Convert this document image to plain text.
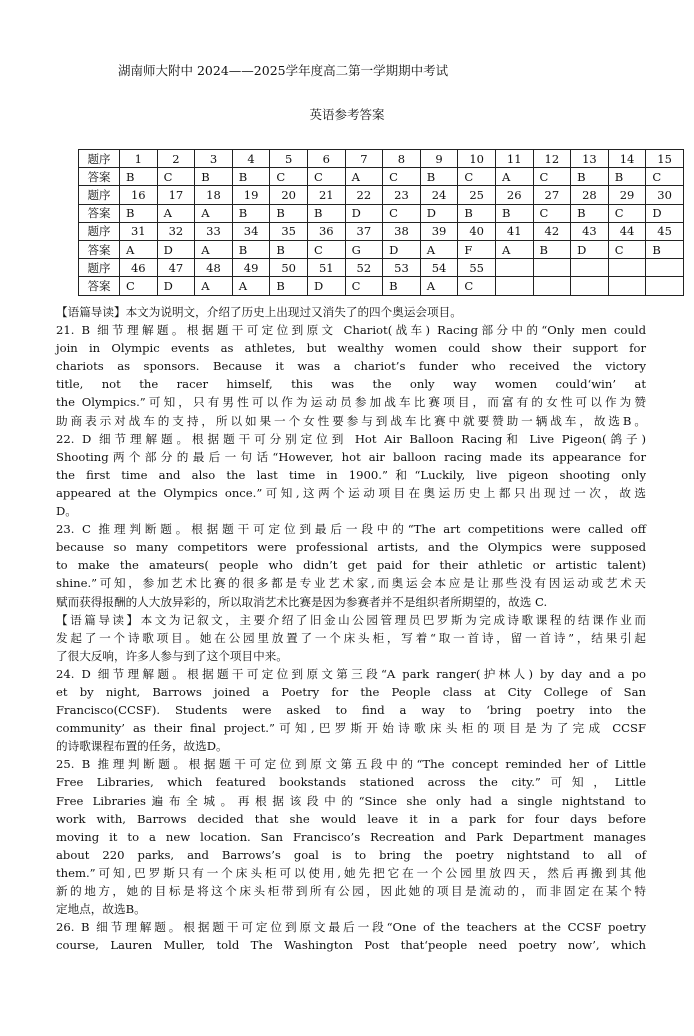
湖南师大附中 2024——2025学年度高二第一学期期中考试
英语参考答案
题序	1	2	3	4	5	6	7	8	9	10	11	12	13	14	15
答案	B	C	B	B	C	C	A	C	B	C	A	C	B	B	C
题序	16	17	18	19	20	21	22	23	24	25	26	27	28	29	30
答案	B	A	A	B	B	B	D	C	D	B	B	C	B	C	D
题序	31	32	33	34	35	36	37	38	39	40	41	42	43	44	45
答案	A	D	A	B	B	C	G	D	A	F	A	B	D	C	B
题序	46	47	48	49	50	51	52	53	54	55					
答案	C	D	A	A	B	D	C	B	A	C					
【语篇导读】本文为说明文，介绍了历史上出现过又消失了的四个奥运会项目。
21. B 细节理解题。根据题干可定位到原文 Chariot(战车) Racing部分中的“Only men could
join in Olympic events as athletes, but wealthy women could show their support for
chariots as sponsors. Because it was a chariot’s funder who received the victory
title, not the racer himself, this was the only way women could‘win’ at
the Olympics.”可知，只有男性可以作为运动员参加战车比赛项目，而富有的女性可以作为赞
助商表示对战车的支持，所以如果一个女性要参与到战车比赛中就要赞助一辆战车，故选B。
22. D 细节理解题。根据题干可分别定位到 Hot Air Balloon Racing和 Live Pigeon(鸽子)
Shooting两个部分的最后一句话“However, hot air balloon racing made its appearance for
the first time and also the last time in 1900.”和“Luckily, live pigeon shooting only
appeared at the Olympics once.”可知,这两个运动项目在奥运历史上都只出现过一次，故选
D。
23. C 推理判断题。根据题干可定位到最后一段中的“The art competitions were called off
because so many competitors were professional artists, and the Olympics were supposed
to make the amateurs( people who didn’t get paid for their athletic or artistic talent)
shine.”可知，参加艺术比赛的很多都是专业艺术家,而奥运会本应是让那些没有因运动或艺术天
赋而获得报酬的人大放异彩的，所以取消艺术比赛是因为参赛者并不是组织者所期望的，故选 C.
【语篇导读】本文为记叙文，主要介绍了旧金山公园管理员巴罗斯为完成诗歌课程的结课作业而
发起了一个诗歌项目。她在公园里放置了一个床头柜，写着“取一首诗，留一首诗”，结果引起
了很大反响，许多人参与到了这个项目中来。
24. D 细节理解题。根据题干可定位到原文第三段“A park ranger(护林人) by day and a po
et by night, Barrows joined a Poetry for the People class at City College of San
Francisco(CCSF). Students were asked to find a way to ‘bring poetry into the
community’ as their final project.”可知,巴罗斯开始诗歌床头柜的项目是为了完成 CCSF
的诗歌课程布置的任务，故选D。
25. B 推理判断题。根据题干可定位到原文第五段中的“The concept reminded her of Little
Free Libraries, which featured bookstands stationed across the city.”可知，Little
Free Libraries遍布全城。再根据该段中的“Since she only had a single nightstand to
work with, Barrows decided that she would leave it in a park for four days before
moving it to a new location. San Francisco’s Recreation and Park Department manages
about 220 parks, and Barrows’s goal is to bring the poetry nightstand to all of
them.”可知,巴罗斯只有一个床头柜可以使用,她先把它在一个公园里放四天，然后再搬到其他
新的地方，她的目标是将这个床头柜带到所有公园，因此她的项目是流动的，而非固定在某个特
定地点，故选B。
26. B 细节理解题。根据题干可定位到原文最后一段“One of the teachers at the CCSF poetry
course, Lauren Muller, told The Washington Post that‘people need poetry now’, which
